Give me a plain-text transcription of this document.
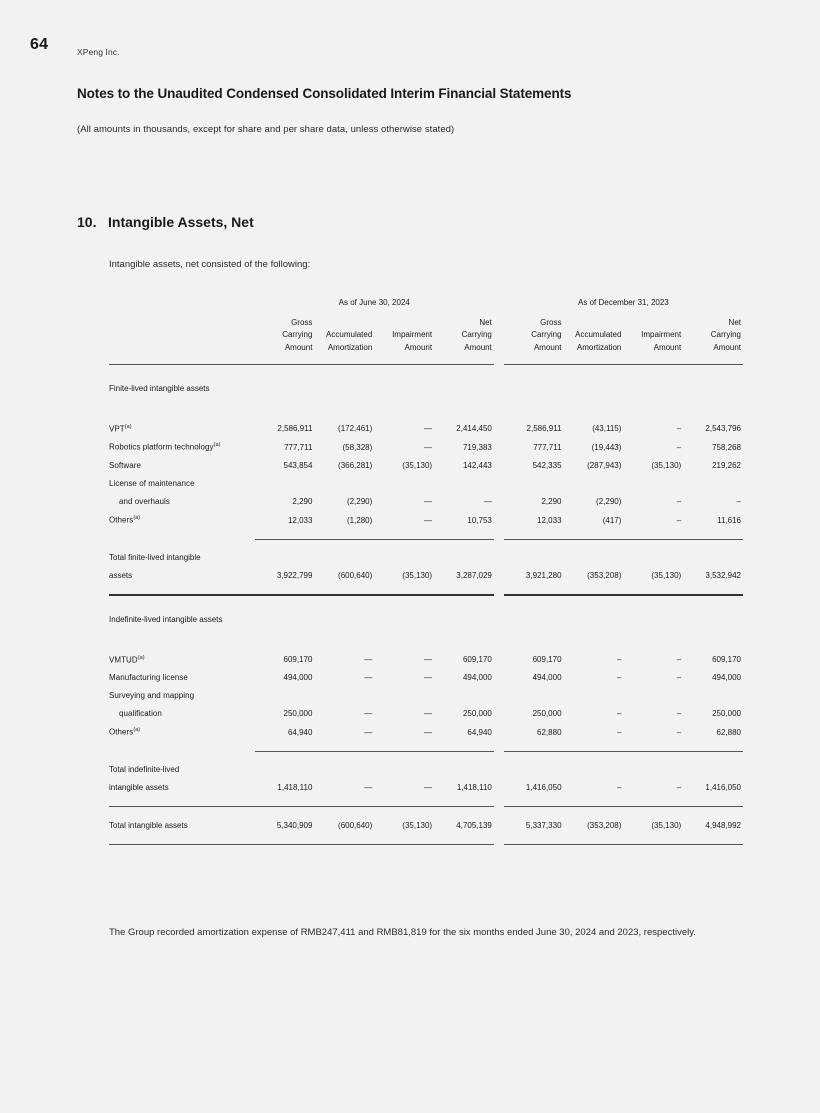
64	XPeng Inc.
Notes to the Unaudited Condensed Consolidated Interim Financial Statements
(All amounts in thousands, except for share and per share data, unless otherwise stated)
10. Intangible Assets, Net
Intangible assets, net consisted of the following:
	As of June 30, 2024					As of December 31, 2023			
	Gross			Net		Gross			Net
	Carrying	Accumulated	Impairment	Carrying		Carrying	Accumulated	Impairment	Carrying
	Amount	Amortization	Amount	Amount		Amount	Amortization	Amount	Amount

Finite-lived intangible assets									

VPT$^{(a)}$	2,586,911	(172,461)	—	2,414,450		2,586,911	(43,115)	–	2,543,796
Robotics platform technology$^{(a)}$	777,711	(58,328)	—	719,383		777,711	(19,443)	–	758,268
Software	543,854	(366,281)	(35,130)	142,443		542,335	(287,943)	(35,130)	219,262
License of maintenance									
and overhauls	2,290	(2,290)	—	—		2,290	(2,290)	–	–
Others$^{(a)}$	12,033	(1,280)	—	10,753		12,033	(417)	–	11,616

Total finite-lived intangible									
assets	3,922,799	(600,640)	(35,130)	3,287,029		3,921,280	(353,208)	(35,130)	3,532,942

Indefinite-lived intangible assets									

VMTUD$^{(a)}$	609,170	—	—	609,170		609,170	–	–	609,170
Manufacturing license	494,000	—	—	494,000		494,000	–	–	494,000
Surveying and mapping									
qualification	250,000	—	—	250,000		250,000	–	–	250,000
Others$^{(a)}$	64,940	—	—	64,940		62,880	–	–	62,880

Total indefinite-lived									
intangible assets	1,418,110	—	—	1,418,110		1,416,050	–	–	1,416,050

Total intangible assets	5,340,909	(600,640)	(35,130)	4,705,139		5,337,330	(353,208)	(35,130)	4,948,992

The Group recorded amortization expense of RMB247,411 and RMB81,819 for the six months ended June 30, 2024 and 2023, respectively.
